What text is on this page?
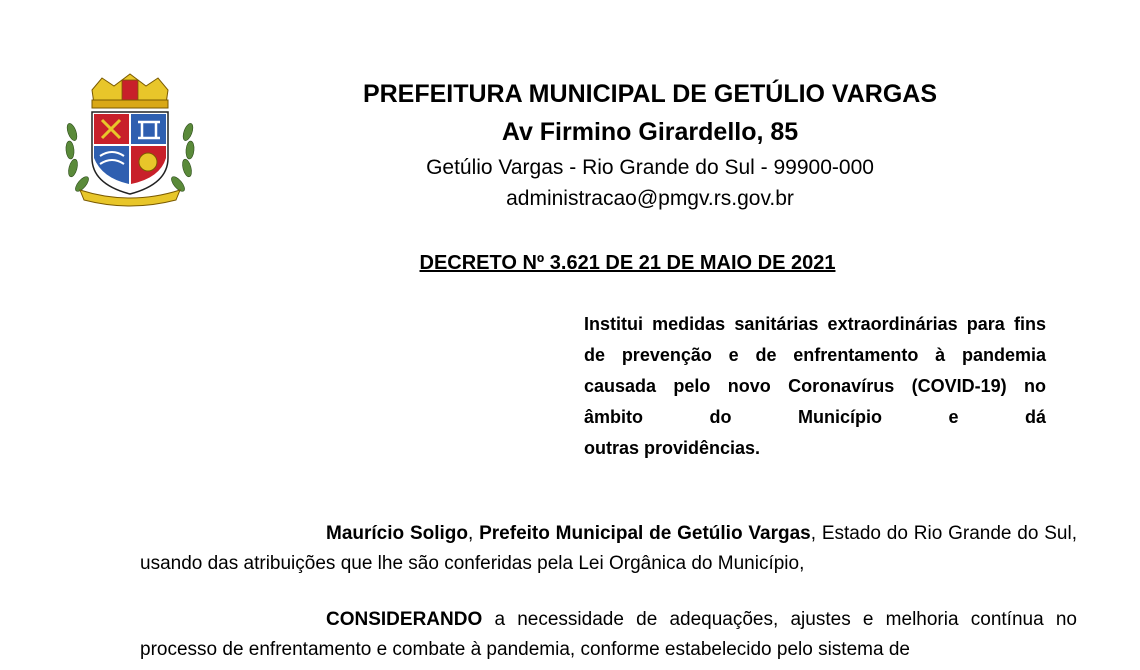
PREFEITURA MUNICIPAL DE GETÚLIO VARGAS
Av Firmino Girardello, 85
Getúlio Vargas - Rio Grande do Sul - 99900-000
administracao@pmgv.rs.gov.br
DECRETO Nº 3.621 DE 21 DE MAIO DE 2021
Institui medidas sanitárias extraordinárias para fins de prevenção e de enfrentamento à pandemia causada pelo novo Coronavírus (COVID-19) no âmbito do Município e dá
outras providências.
Maurício Soligo, Prefeito Municipal de Getúlio Vargas, Estado do Rio Grande do Sul, usando das atribuições que lhe são conferidas pela Lei Orgânica do Município,
CONSIDERANDO a necessidade de adequações, ajustes e melhoria contínua no processo de enfrentamento e combate à pandemia, conforme estabelecido pelo sistema de
